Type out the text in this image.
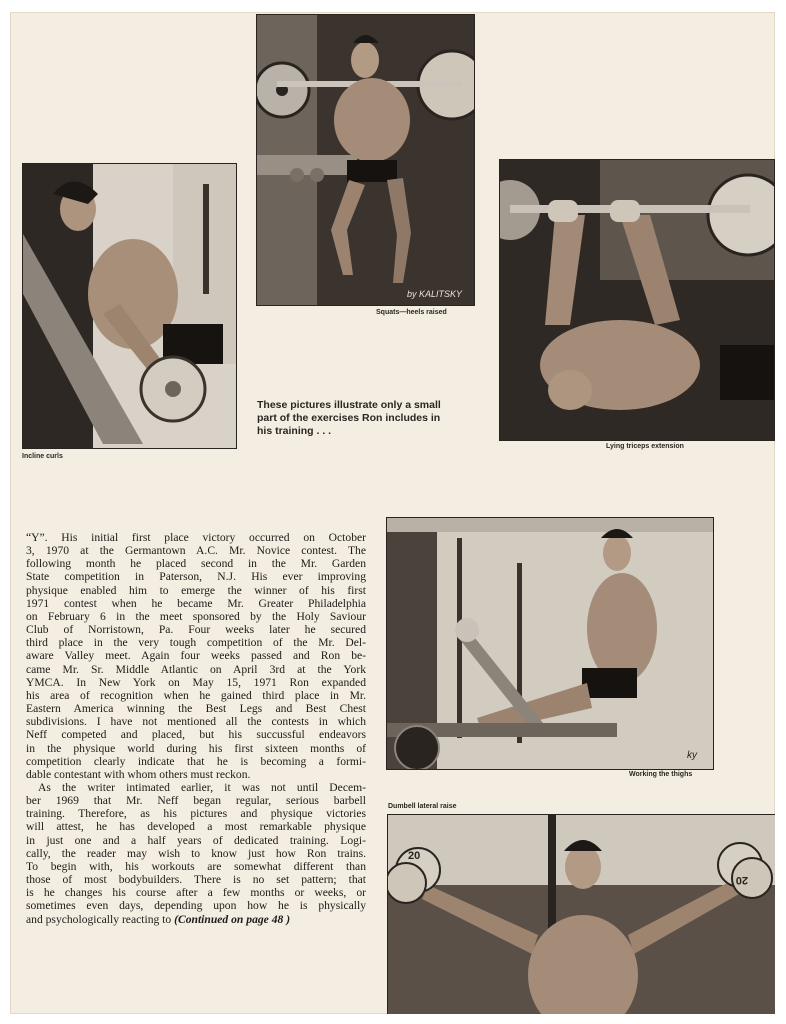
by KALITSKY
Squats—heels raised
Incline curls
Lying triceps extension
These pictures illustrate only a small
part of the exercises Ron includes in
his training . . .
ky
Working the thighs
Dumbell lateral raise
20
20
“Y”. His initial first place victory occurred on October
3, 1970 at the Germantown A.C. Mr. Novice contest. The
following month he placed second in the Mr. Garden
State competition in Paterson, N.J. His ever improving
physique enabled him to emerge the winner of his first
1971 contest when he became Mr. Greater Philadelphia
on February 6 in the meet sponsored by the Holy Saviour
Club of Norristown, Pa. Four weeks later he secured
third place in the very tough competition of the Mr. Del-
aware Valley meet. Again four weeks passed and Ron be-
came Mr. Sr. Middle Atlantic on April 3rd at the York
YMCA. In New York on May 15, 1971 Ron expanded
his area of recognition when he gained third place in Mr.
Eastern America winning the Best Legs and Best Chest
subdivisions. I have not mentioned all the contests in which
Neff competed and placed, but his succussful endeavors
in the physique world during his first sixteen months of
competition clearly indicate that he is becoming a formi-
dable contestant with whom others must reckon.
As the writer intimated earlier, it was not until Decem-
ber 1969 that Mr. Neff began regular, serious barbell
training. Therefore, as his pictures and physique victories
will attest, he has developed a most remarkable physique
in just one and a half years of dedicated training. Logi-
cally, the reader may wish to know just how Ron trains.
To begin with, his workouts are somewhat different than
those of most bodybuilders. There is no set pattern; that
is he changes his course after a few months or weeks, or
sometimes even days, depending upon how he is physically
and psychologically reacting to (Continued on page 48 )
